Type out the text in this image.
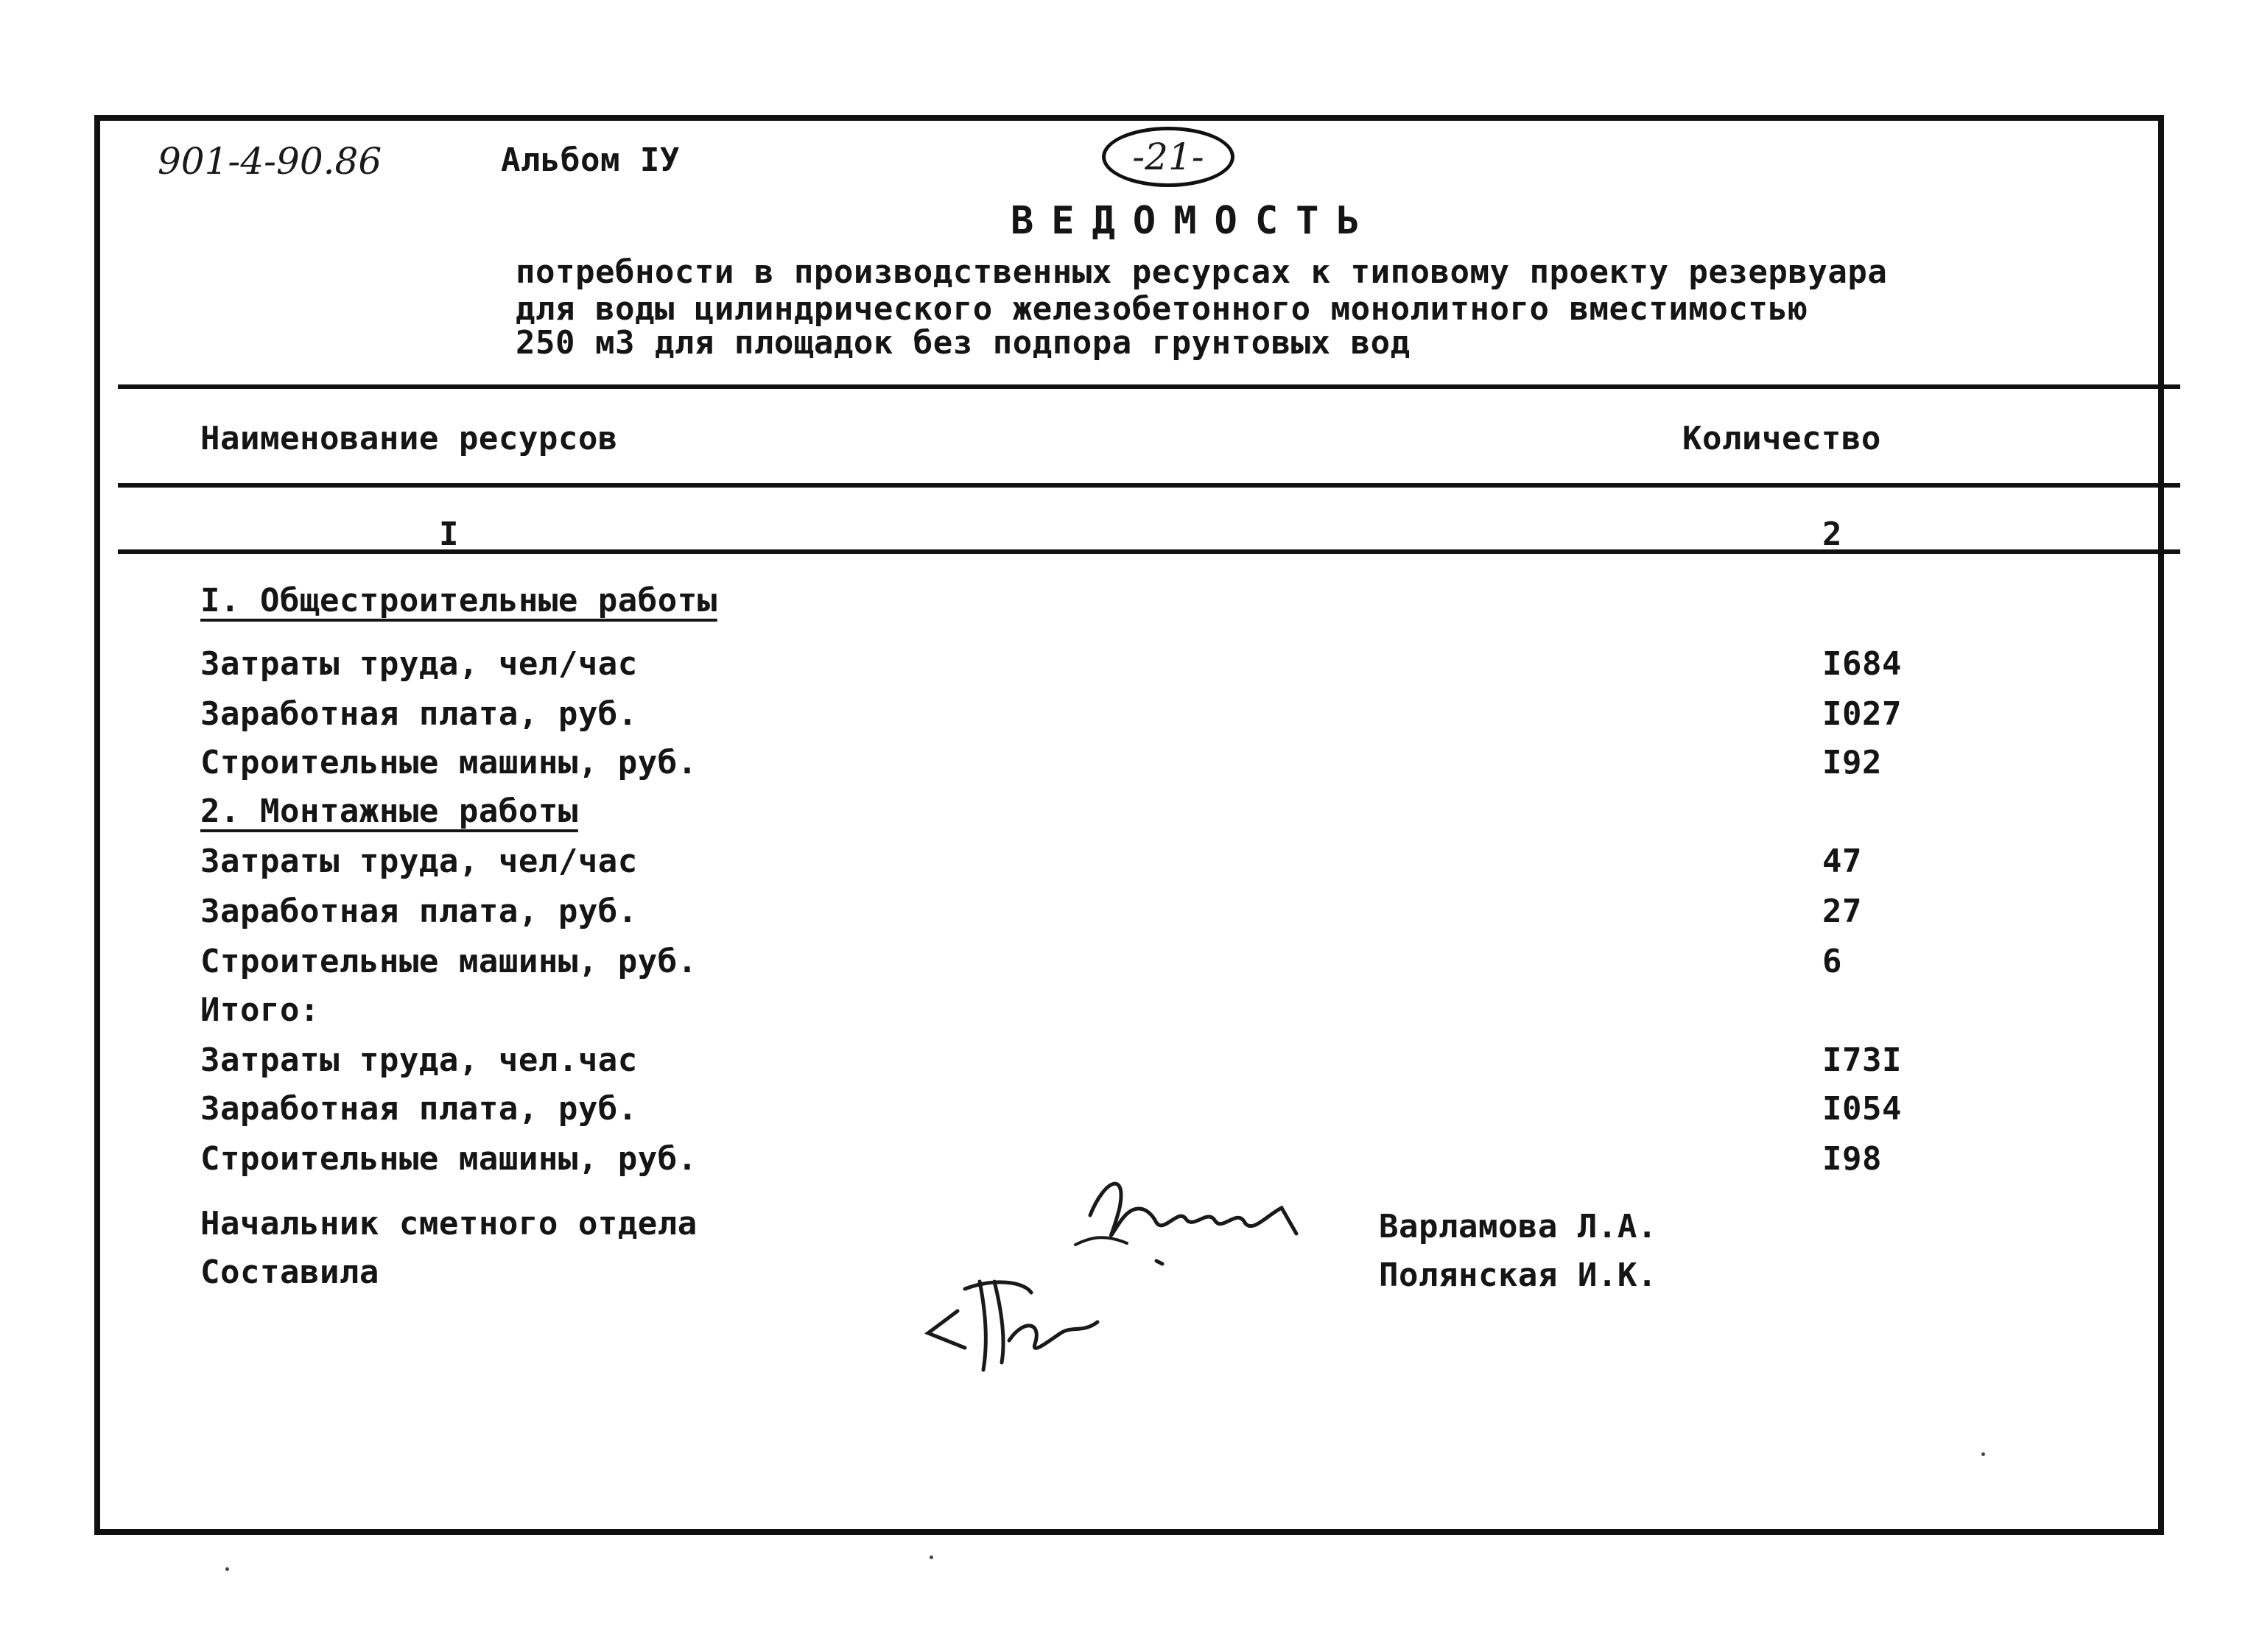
901-4-90.86	Альбом IУ	-21-
ВЕДОМОСТЬ
потребности в производственных ресурсах к типовому проекту резервуара
для воды цилиндрического железобетонного монолитного вместимостью
250 м3 для площадок без подпора грунтовых вод
Наименование ресурсов	Количество
I	2
I. Общестроительные работы
Затраты труда, чел/час	I684
Заработная плата, руб.	I027
Строительные машины, руб.	I92
2. Монтажные работы
Затраты труда, чел/час	47
Заработная плата, руб.	27
Строительные машины, руб.	6
Итого:
Затраты труда, чел.час	I73I
Заработная плата, руб.	I054
Строительные машины, руб.	I98
Начальник сметного отдела
Составила
Варламова Л.А.
Полянская И.К.
